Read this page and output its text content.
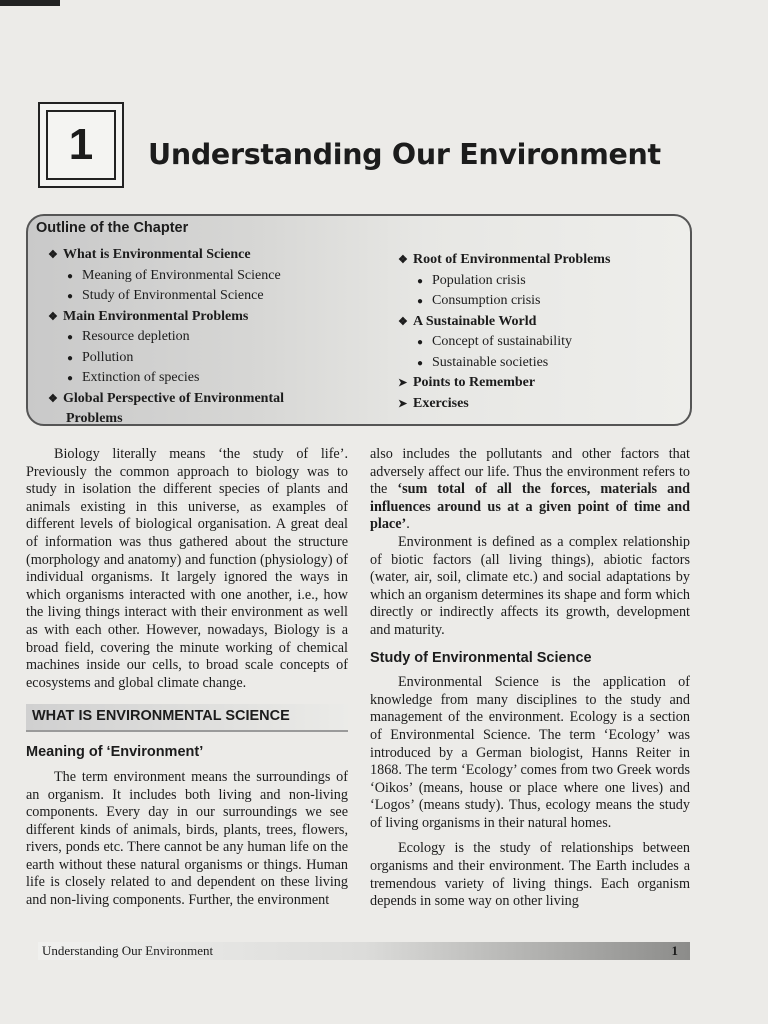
1	Understanding Our Environment
Outline of the Chapter
❖ What is Environmental Science
● Meaning of Environmental Science
● Study of Environmental Science
❖ Main Environmental Problems
● Resource depletion
● Pollution
● Extinction of species
❖ Global Perspective of Environmental
Problems
❖ Root of Environmental Problems
● Population crisis
● Consumption crisis
❖ A Sustainable World
● Concept of sustainability
● Sustainable societies
➤ Points to Remember
➤ Exercises

Biology literally means ‘the study of life’. Previously the common approach to biology was to study in isolation the different species of plants and animals existing in this universe, as examples of different levels of biological organisation. A great deal of information was thus gathered about the structure (morphology and anatomy) and function (physiology) of individual organisms. It largely ignored the ways in which organisms interacted with one another, i.e., how the living things interact with their environment as well as with each other. However, nowadays, Biology is a broad field, covering the minute working of chemical machines inside our cells, to broad scale concepts of ecosystems and global climate change.

WHAT IS ENVIRONMENTAL SCIENCE
Meaning of ‘Environment’

The term environment means the surroundings of an organism. It includes both living and non-living components. Every day in our surroundings we see different kinds of animals, birds, plants, trees, flowers, rivers, ponds etc. There cannot be any human life on the earth without these natural organisms or things. Human life is closely related to and dependent on these living and non-living components. Further, the environment

also includes the pollutants and other factors that adversely affect our life. Thus the environment refers to the ‘sum total of all the forces, materials and influences around us at a given point of time and place’.

Environment is defined as a complex relationship of biotic factors (all living things), abiotic factors (water, air, soil, climate etc.) and social adaptations by which an organism determines its shape and form which directly or indirectly affects its growth, development and maturity.

Study of Environmental Science

Environmental Science is the application of knowledge from many disciplines to the study and management of the environment. Ecology is a section of Environmental Science. The term ‘Ecology’ was introduced by a German biologist, Hanns Reiter in 1868. The term ‘Ecology’ comes from two Greek words ‘Oikos’ (means, house or place where one lives) and ‘Logos’ (means study). Thus, ecology means the study of living organisms in their natural homes.

Ecology is the study of relationships between organisms and their environment. The Earth includes a tremendous variety of living things. Each organism depends in some way on other living

Understanding Our Environment	1
